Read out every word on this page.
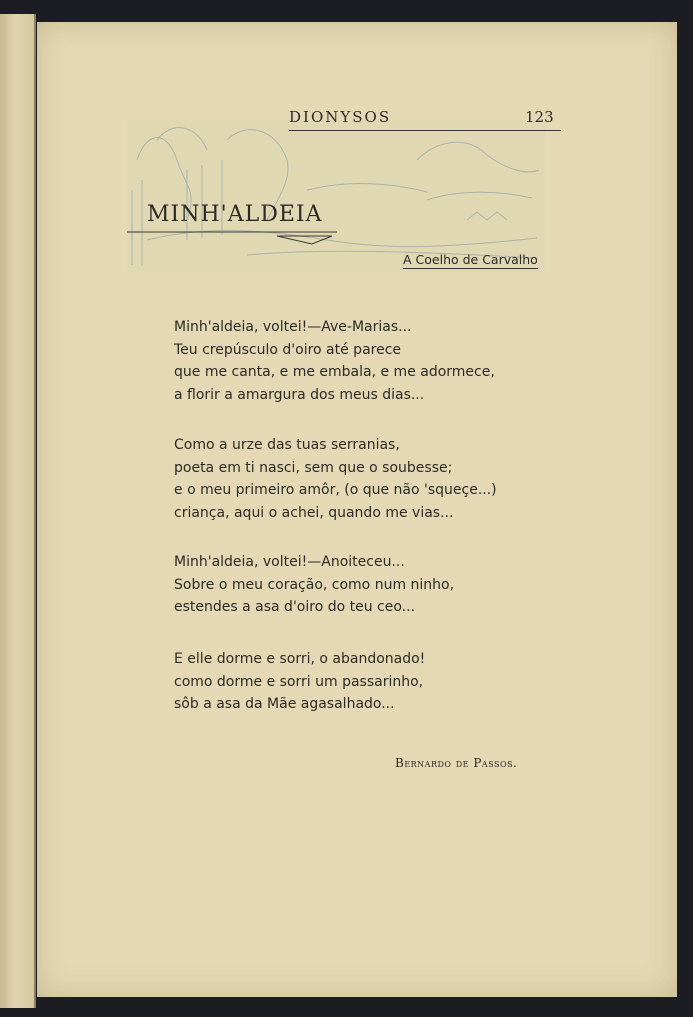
DIONYSOS	123
MINH'ALDEIA
A Coelho de Carvalho
Minh'aldeia, voltei!—Ave-Marias...
Teu crepúsculo d'oiro até parece
que me canta, e me embala, e me adormece,
a florir a amargura dos meus dias...
Como a urze das tuas serranias,
poeta em ti nasci, sem que o soubesse;
e o meu primeiro amôr, (o que não 'squeçe...)
criança, aqui o achei, quando me vias...
Minh'aldeia, voltei!—Anoiteceu...
Sobre o meu coração, como num ninho,
estendes a asa d'oiro do teu ceo...
E elle dorme e sorri, o abandonado!
como dorme e sorri um passarinho,
sôb a asa da Mãe agasalhado...
Bernardo de Passos.
